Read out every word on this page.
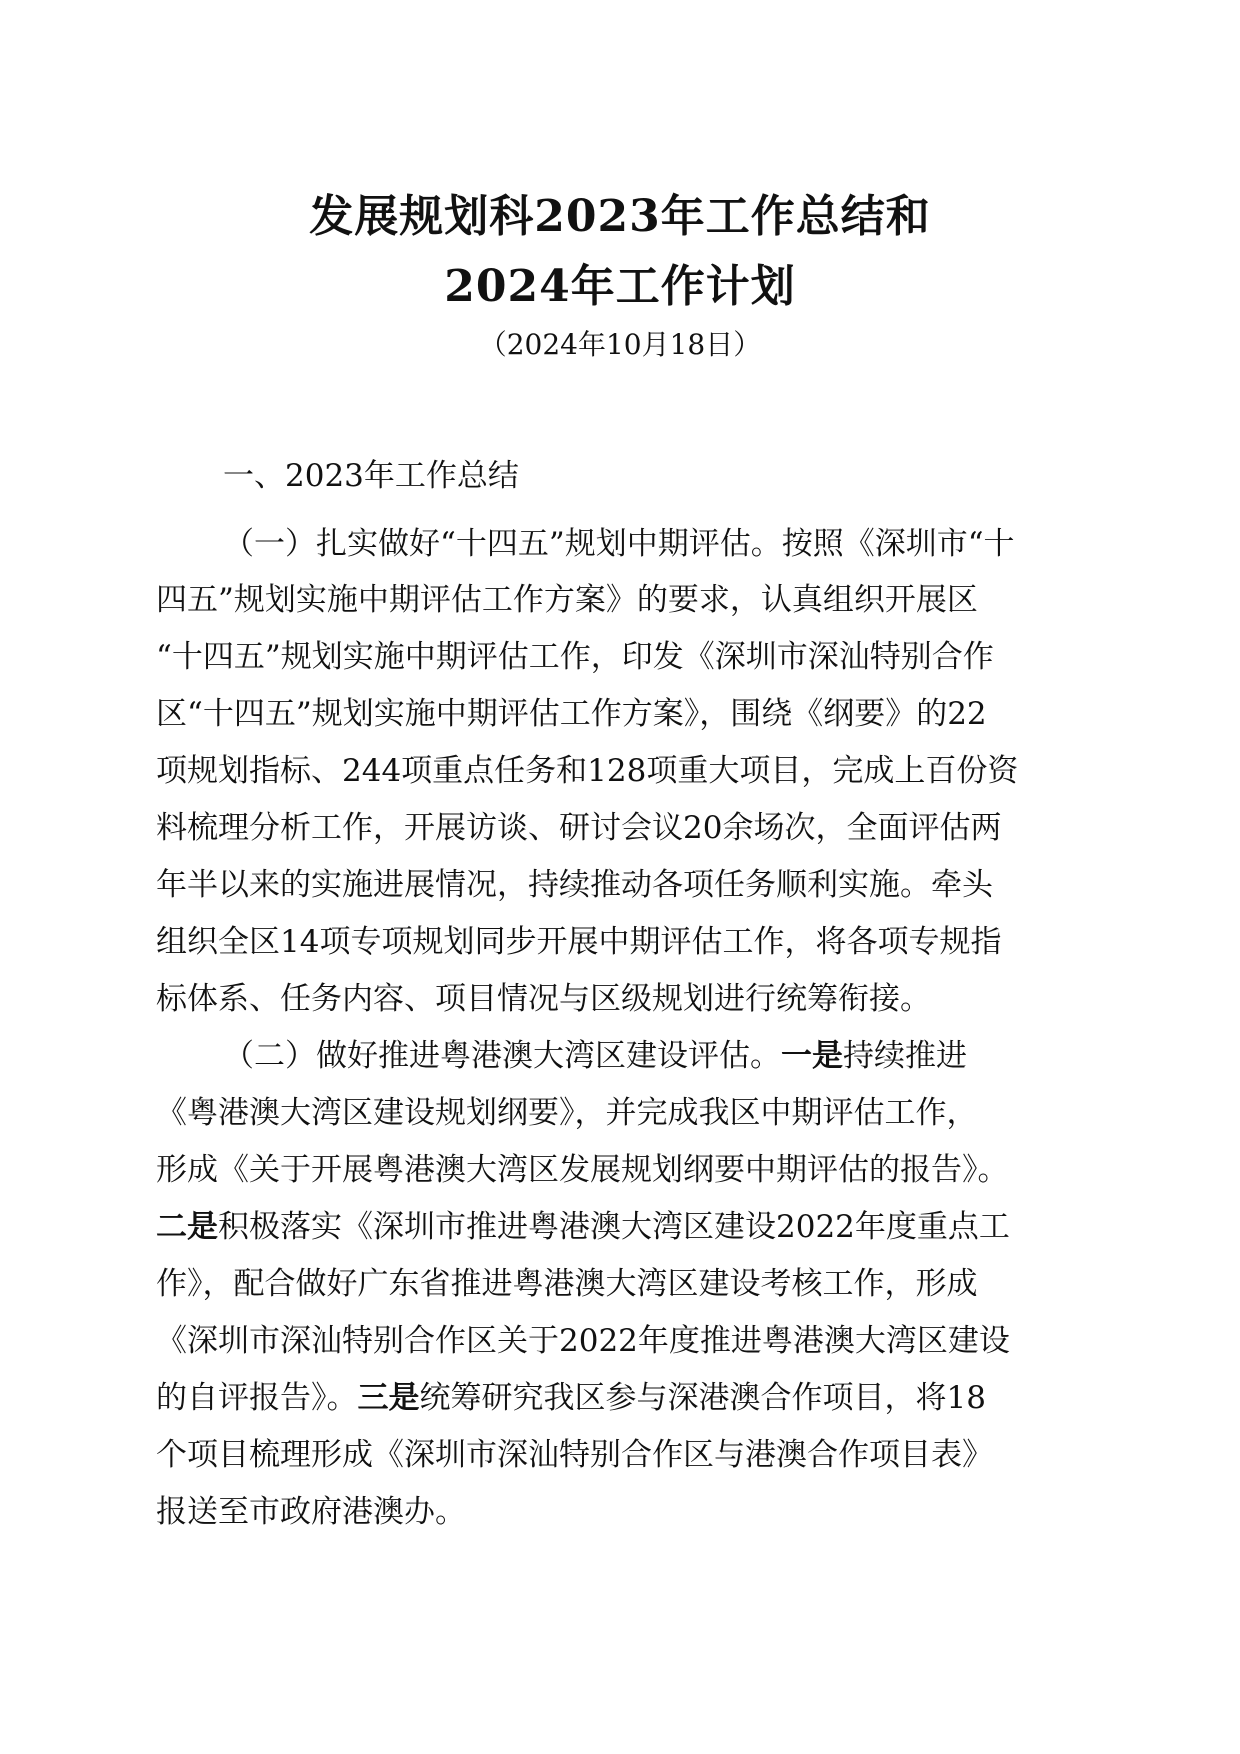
发展规划科2023年工作总结和
2024年工作计划
（2024年10月18日）
一、2023年工作总结
（一）扎实做好“十四五”规划中期评估。按照《深圳市“十
四五”规划实施中期评估工作方案》的要求，认真组织开展区
“十四五”规划实施中期评估工作，印发《深圳市深汕特别合作
区“十四五”规划实施中期评估工作方案》，围绕《纲要》的22
项规划指标、244项重点任务和128项重大项目，完成上百份资
料梳理分析工作，开展访谈、研讨会议20余场次，全面评估两
年半以来的实施进展情况，持续推动各项任务顺利实施。牵头
组织全区14项专项规划同步开展中期评估工作，将各项专规指
标体系、任务内容、项目情况与区级规划进行统筹衔接。
（二）做好推进粤港澳大湾区建设评估。一是持续推进
《粤港澳大湾区建设规划纲要》，并完成我区中期评估工作，
形成《关于开展粤港澳大湾区发展规划纲要中期评估的报告》。
二是积极落实《深圳市推进粤港澳大湾区建设2022年度重点工
作》，配合做好广东省推进粤港澳大湾区建设考核工作，形成
《深圳市深汕特别合作区关于2022年度推进粤港澳大湾区建设
的自评报告》。三是统筹研究我区参与深港澳合作项目，将18
个项目梳理形成《深圳市深汕特别合作区与港澳合作项目表》
报送至市政府港澳办。
